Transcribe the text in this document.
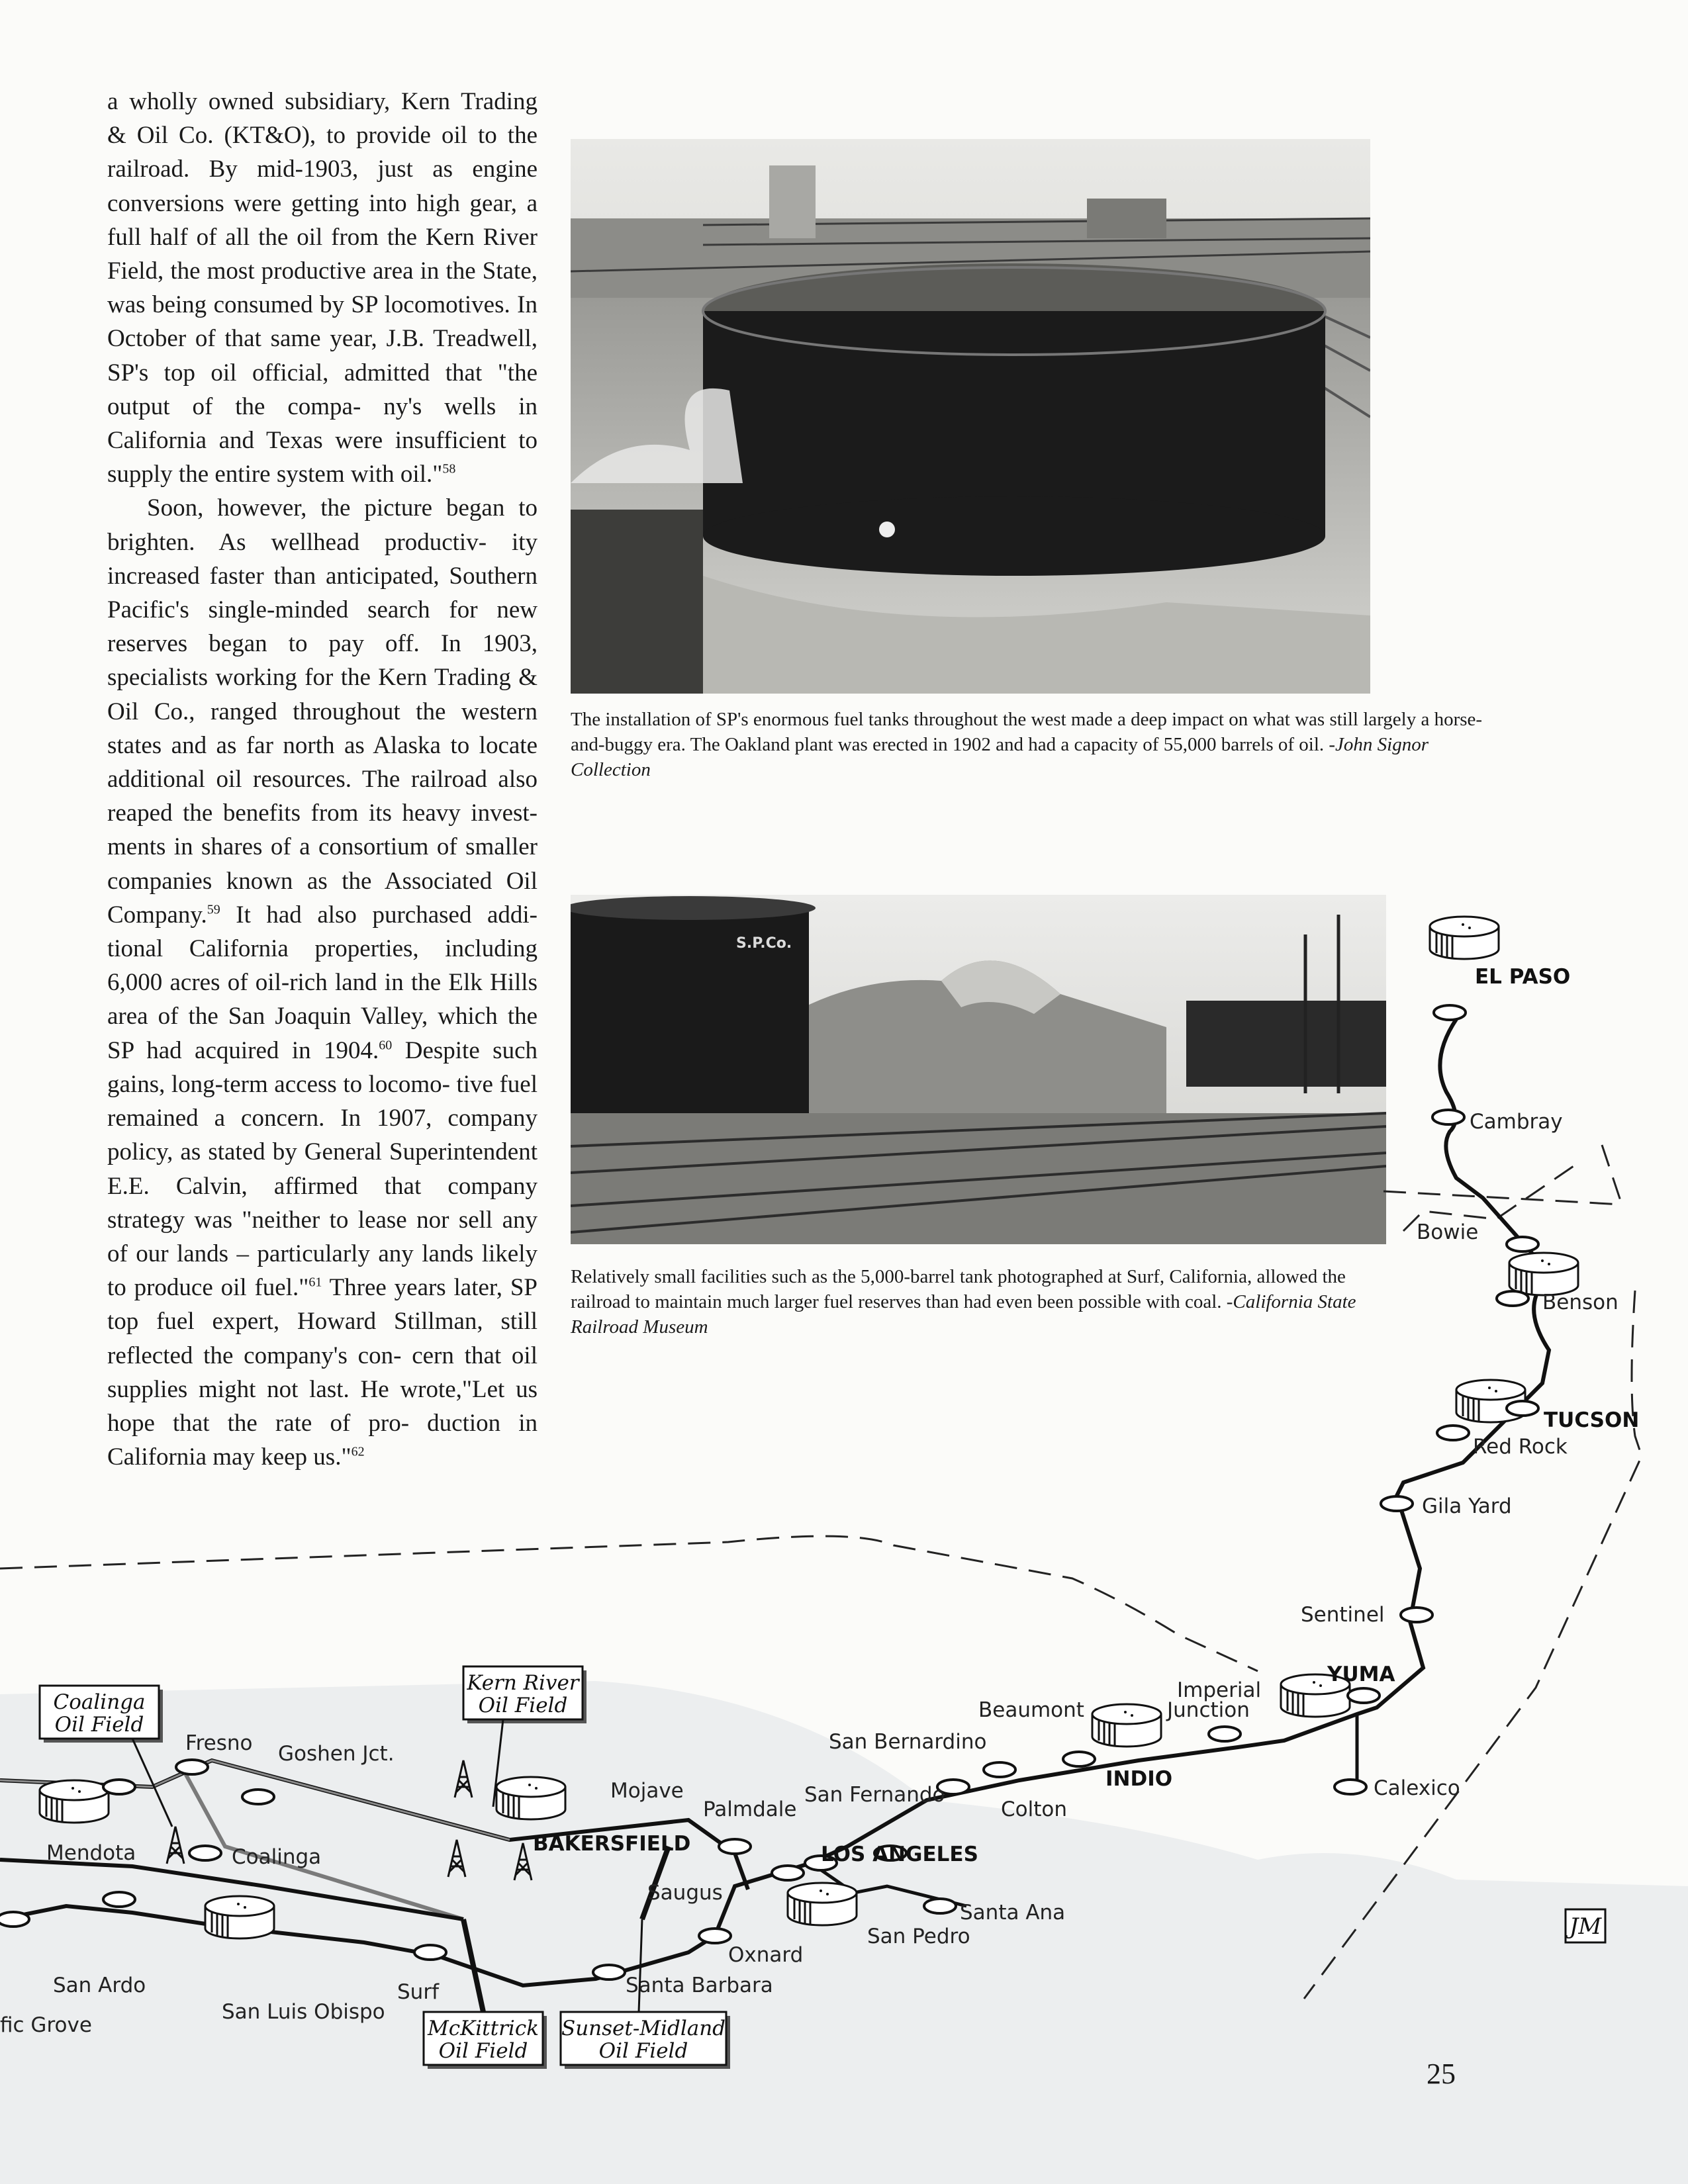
a wholly owned subsidiary, Kern Trading & Oil Co. (KT&O), to provide oil to the railroad. By mid-1903, just as engine conversions were getting into high gear, a full half of all the oil from the Kern River Field, the most productive area in the State, was being consumed by SP locomotives. In October of that same year, J.B. Treadwell, SP's top oil official, admitted that "the output of the compa- ny's wells in California and Texas were insufficient to supply the entire system with oil."$^{58}$

Soon, however, the picture began to brighten. As wellhead productiv- ity increased faster than anticipated, Southern Pacific's single-minded search for new reserves began to pay off. In 1903, specialists working for the Kern Trading & Oil Co., ranged throughout the western states and as far north as Alaska to locate additional oil resources. The railroad also reaped the benefits from its heavy invest- ments in shares of a consortium of smaller companies known as the Associated Oil Company.$^{59}$ It had also purchased addi- tional California properties, including 6,000 acres of oil-rich land in the Elk Hills area of the San Joaquin Valley, which the SP had acquired in 1904.60 Despite such gains, long-term access to locomo- tive fuel remained a concern. In 1907, company policy, as stated by General Superintendent E.E. Calvin, affirmed that company strategy was "neither to lease nor sell any of our lands – particularly any lands likely to produce oil fuel."$^{61}$ Three years later, SP top fuel expert, Howard Stillman, still reflected the company's con- cern that oil supplies might not last. He wrote,"Let us hope that the rate of pro- duction in California may keep us."$^{62}$

The installation of SP's enormous fuel tanks throughout the west made a deep impact on what was still largely a horse-and-buggy era. The Oakland plant was erected in 1902 and had a capacity of 55,000 barrels of oil. -John Signor Collection
S.P.Co.
Relatively small facilities such as the 5,000-barrel tank photographed at Surf, California, allowed the railroad to maintain much larger fuel reserves than had even been possible with coal. -California State Railroad Museum
Coalinga
Oil Field
Kern River
Oil Field
McKittrick
Oil Field
Sunset-Midland
Oil Field
EL PASO
Cambray
Bowie
Benson
TUCSON
Red Rock
Gila Yard
Sentinel
YUMA
Imperial
Junction
Calexico
INDIO
Beaumont
San Bernardino
Colton
San Fernando
LOS ANGELES
Santa Ana
San Pedro
Mojave
Palmdale
BAKERSFIELD
Saugus
Oxnard
Santa Barbara
Fresno Goshen Jct.
Mendota	Coalinga
San Ardo
San Luis Obispo
Surf
fic Grove
JM
25
